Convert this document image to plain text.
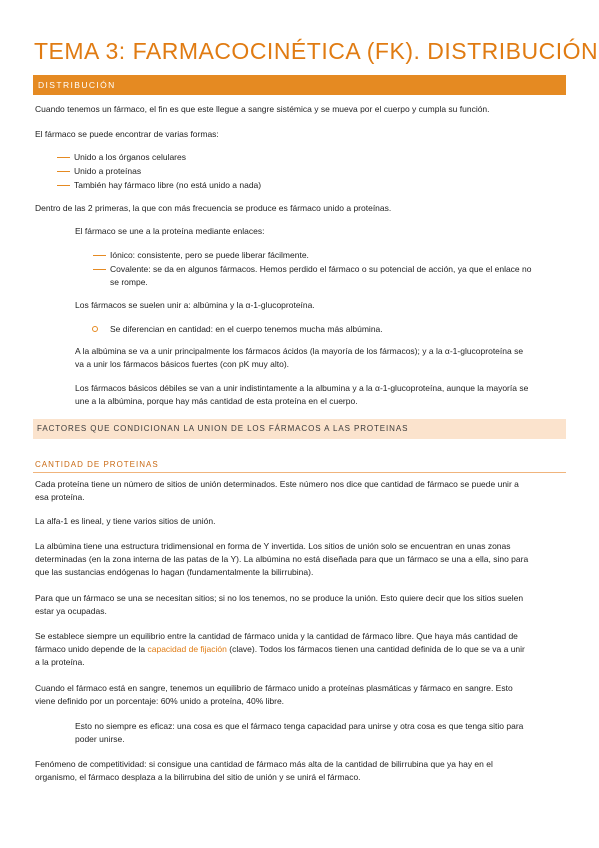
TEMA 3: FARMACOCINÉTICA (FK). DISTRIBUCIÓN
DISTRIBUCIÓN

Cuando tenemos un fármaco, el fin es que este llegue a sangre sistémica y se mueva por el cuerpo y cumpla su función.

El fármaco se puede encontrar de varias formas:

Unido a los órganos celulares
Unido a proteínas
También hay fármaco libre (no está unido a nada)

Dentro de las 2 primeras, la que con más frecuencia se produce es fármaco unido a proteínas.

El fármaco se une a la proteína mediante enlaces:

Iónico: consistente, pero se puede liberar fácilmente.
Covalente: se da en algunos fármacos. Hemos perdido el fármaco o su potencial de acción, ya que el enlace no
se rompe.

Los fármacos se suelen unir a: albúmina y la α-1-glucoproteína.

Se diferencian en cantidad: en el cuerpo tenemos mucha más albúmina.

A la albúmina se va a unir principalmente los fármacos ácidos (la mayoría de los fármacos); y a la α-1-glucoproteína se

va a unir los fármacos básicos fuertes (con pK muy alto).

Los fármacos básicos débiles se van a unir indistintamente a la albumina y a la α-1-glucoproteína, aunque la mayoría se

une a la albúmina, porque hay más cantidad de esta proteína en el cuerpo.

FACTORES QUE CONDICIONAN LA UNION DE LOS FÁRMACOS A LAS PROTEINAS
CANTIDAD DE PROTEINAS

Cada proteína tiene un número de sitios de unión determinados. Este número nos dice que cantidad de fármaco se puede unir a

esa proteína.

La alfa-1 es lineal, y tiene varios sitios de unión.

La albúmina tiene una estructura tridimensional en forma de Y invertida. Los sitios de unión solo se encuentran en unas zonas

determinadas (en la zona interna de las patas de la Y). La albúmina no está diseñada para que un fármaco se una a ella, sino para

que las sustancias endógenas lo hagan (fundamentalmente la bilirrubina).

Para que un fármaco se una se necesitan sitios; si no los tenemos, no se produce la unión. Esto quiere decir que los sitios suelen

estar ya ocupadas.

Se establece siempre un equilibrio entre la cantidad de fármaco unida y la cantidad de fármaco libre. Que haya más cantidad de

fármaco unido depende de la capacidad de fijación (clave). Todos los fármacos tienen una cantidad definida de lo que se va a unir

a la proteína.

Cuando el fármaco está en sangre, tenemos un equilibrio de fármaco unido a proteínas plasmáticas y fármaco en sangre. Esto

viene definido por un porcentaje: 60% unido a proteína, 40% libre.

Esto no siempre es eficaz: una cosa es que el fármaco tenga capacidad para unirse y otra cosa es que tenga sitio para

poder unirse.

Fenómeno de competitividad: si consigue una cantidad de fármaco más alta de la cantidad de bilirrubina que ya hay en el

organismo, el fármaco desplaza a la bilirrubina del sitio de unión y se unirá el fármaco.
